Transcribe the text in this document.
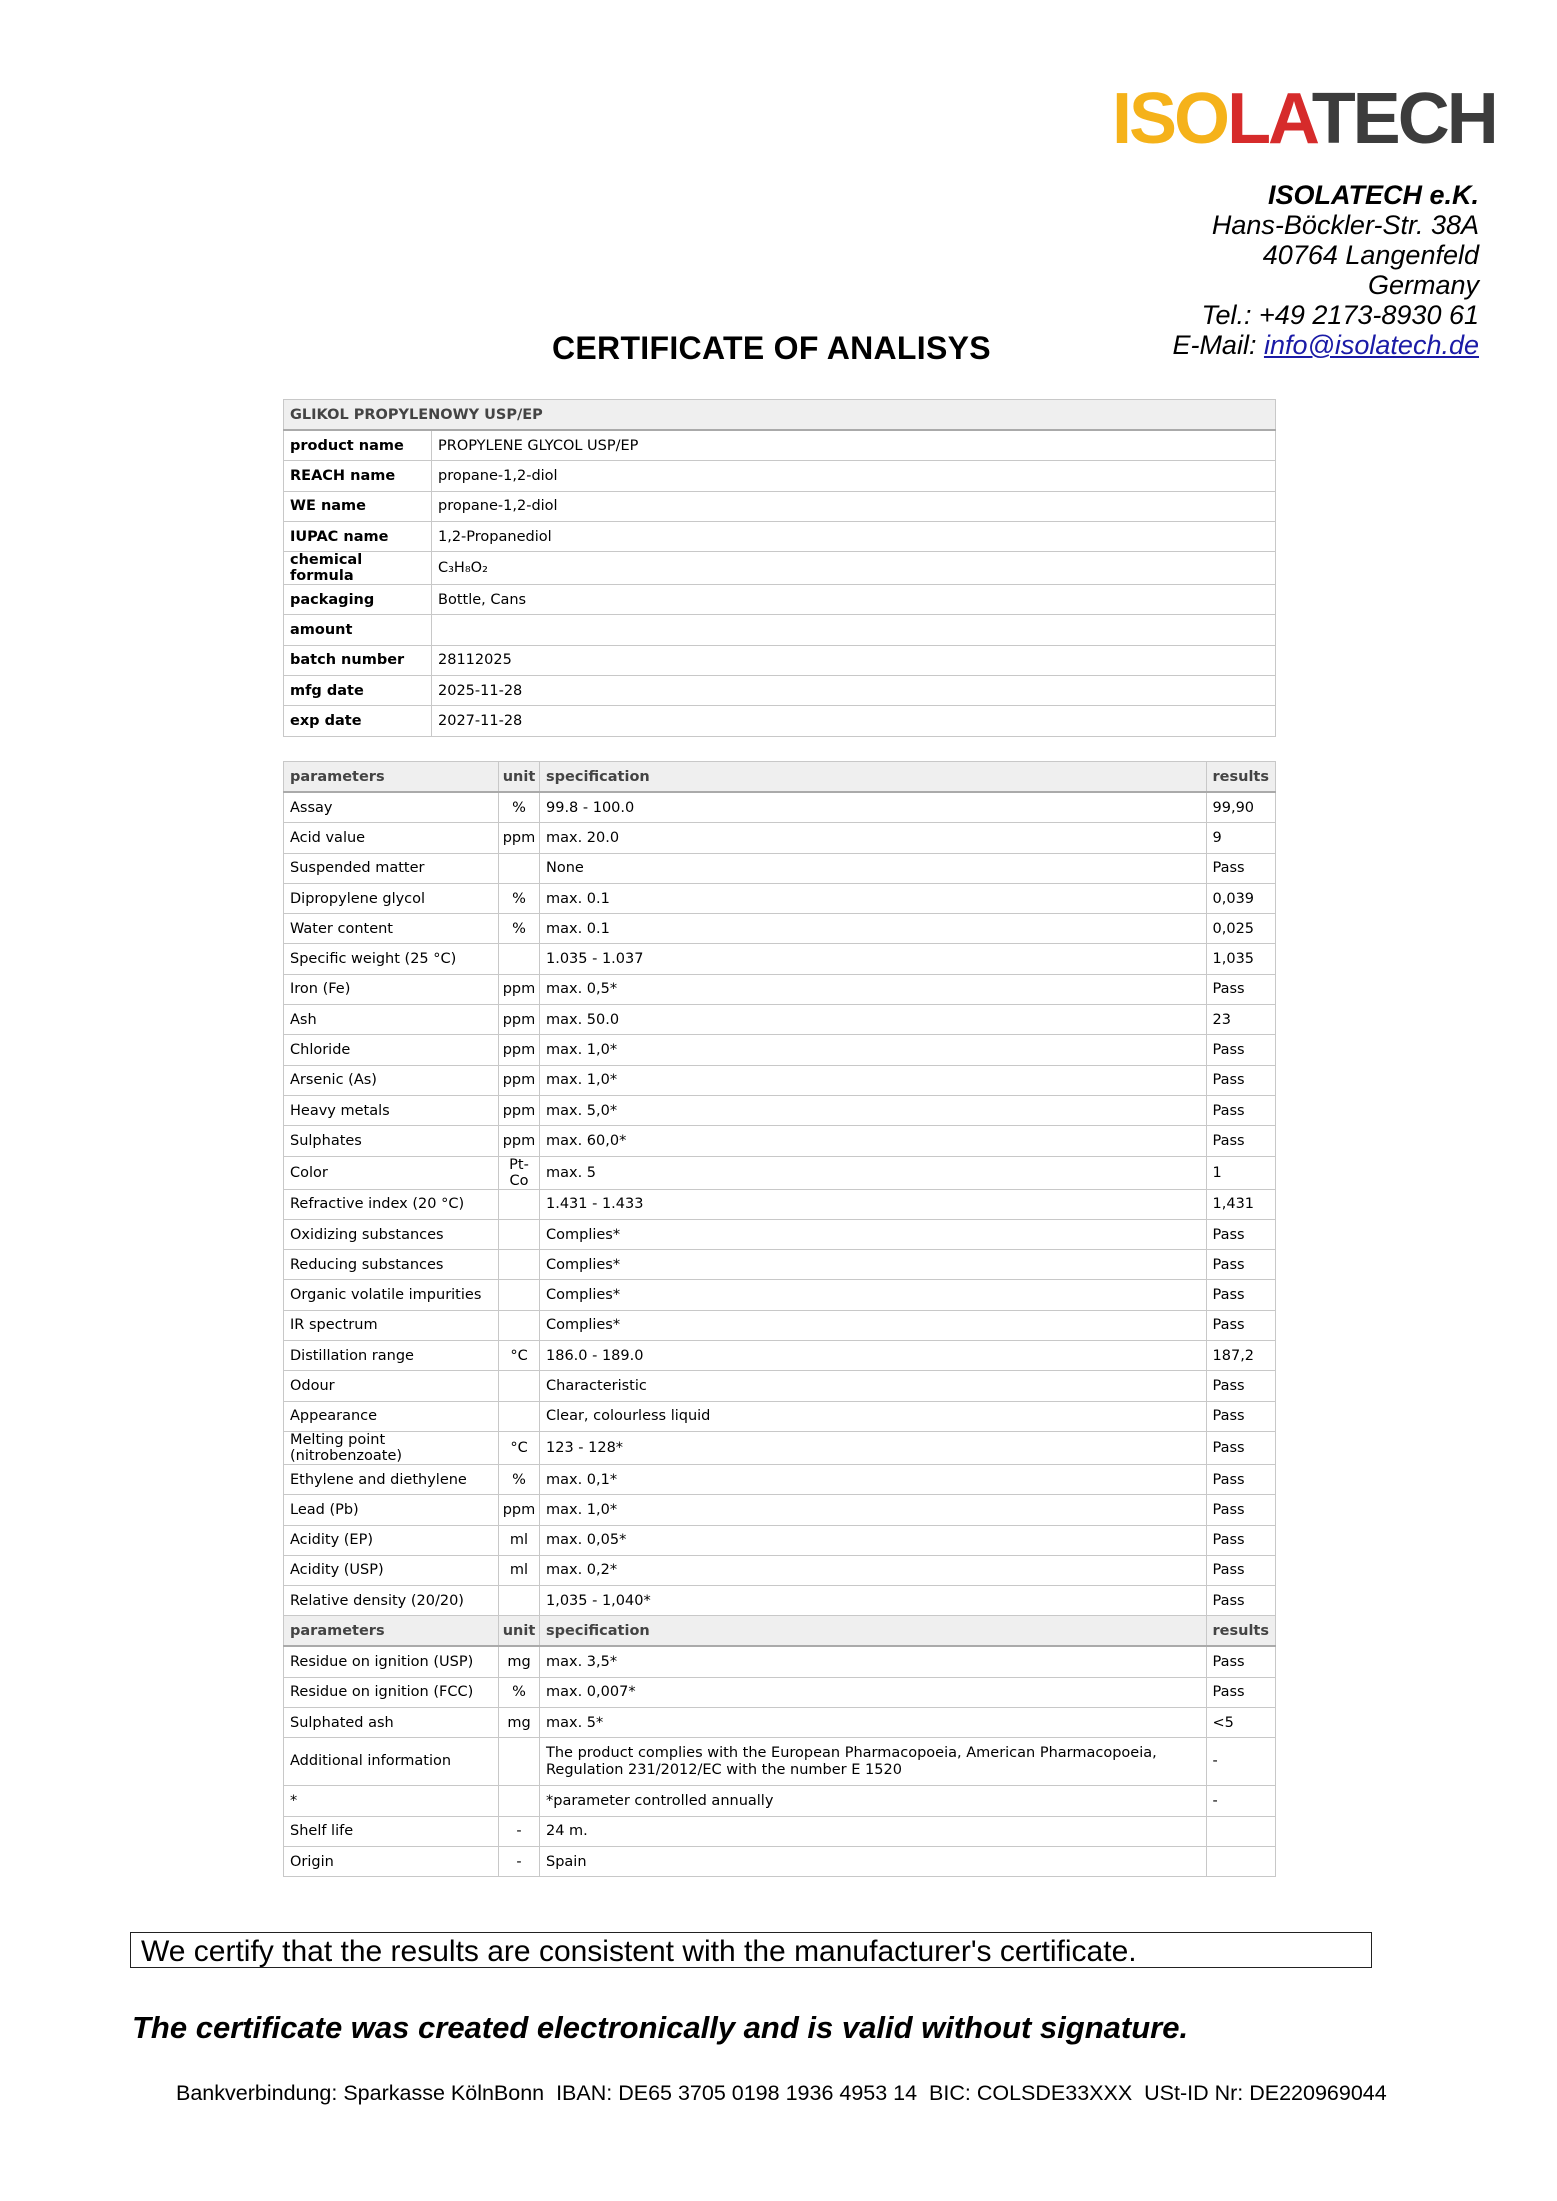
ISOLATECH
ISOLATECH e.K.
Hans-Böckler-Str. 38A
40764 Langenfeld
Germany
Tel.: +49 2173-8930 61
E-Mail: info@isolatech.de
CERTIFICATE OF ANALISYS
GLIKOL PROPYLENOWY USP/EP	
product name	PROPYLENE GLYCOL USP/EP
REACH name	propane-1,2-diol
WE name	propane-1,2-diol
IUPAC name	1,2-Propanediol
chemical formula	C₃H₈O₂
packaging	Bottle, Cans
amount	
batch number	28112025
mfg date	2025-11-28
exp date	2027-11-28
parameters	unit	specification	results
Assay	%	99.8 - 100.0	99,90
Acid value	ppm	max. 20.0	9
Suspended matter		None	Pass
Dipropylene glycol	%	max. 0.1	0,039
Water content	%	max. 0.1	0,025
Specific weight (25 °C)		1.035 - 1.037	1,035
Iron (Fe)	ppm	max. 0,5*	Pass
Ash	ppm	max. 50.0	23
Chloride	ppm	max. 1,0*	Pass
Arsenic (As)	ppm	max. 1,0*	Pass
Heavy metals	ppm	max. 5,0*	Pass
Sulphates	ppm	max. 60,0*	Pass
Color	Pt-Co	max. 5	1
Refractive index (20 °C)		1.431 - 1.433	1,431
Oxidizing substances		Complies*	Pass
Reducing substances		Complies*	Pass
Organic volatile impurities		Complies*	Pass
IR spectrum		Complies*	Pass
Distillation range	°C	186.0 - 189.0	187,2
Odour		Characteristic	Pass
Appearance		Clear, colourless liquid	Pass
Melting point (nitrobenzoate)	°C	123 - 128*	Pass
Ethylene and diethylene	%	max. 0,1*	Pass
Lead (Pb)	ppm	max. 1,0*	Pass
Acidity (EP)	ml	max. 0,05*	Pass
Acidity (USP)	ml	max. 0,2*	Pass
Relative density (20/20)		1,035 - 1,040*	Pass
parameters	unit	specification	results
Residue on ignition (USP)	mg	max. 3,5*	Pass
Residue on ignition (FCC)	%	max. 0,007*	Pass
Sulphated ash	mg	max. 5*	<5
Additional information		The product complies with the European Pharmacopoeia, American Pharmacopoeia, Regulation 231/2012/EC with the number E 1520	-
*		*parameter controlled annually	-
Shelf life	-	24 m.	
Origin	-	Spain	
We certify that the results are consistent with the manufacturer's certificate.
The certificate was created electronically and is valid without signature.
Bankverbindung: Sparkasse KölnBonn  IBAN: DE65 3705 0198 1936 4953 14  BIC: COLSDE33XXX  USt-ID Nr: DE220969044
